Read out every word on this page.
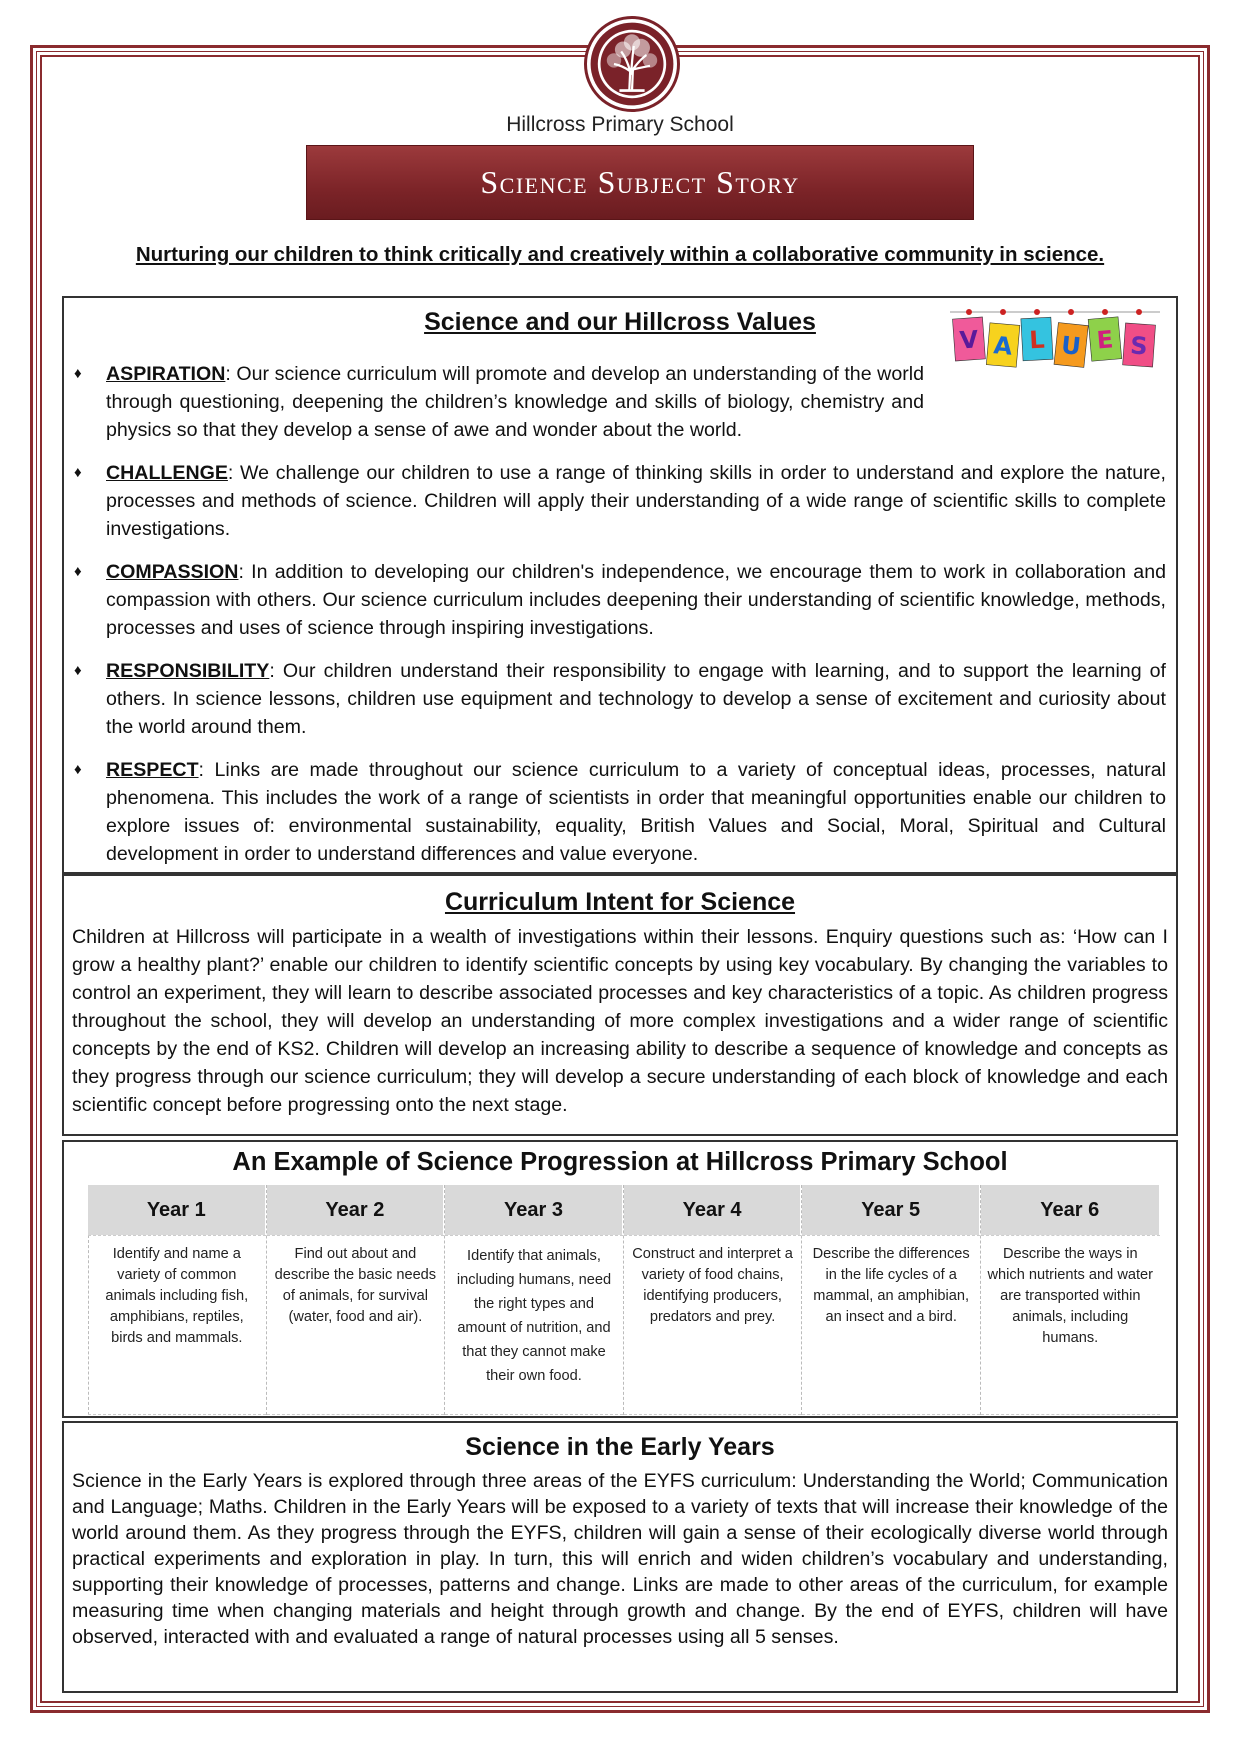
Hillcross Primary School
Science Subject Story
Nurturing our children to think critically and creatively within a collaborative community in science.
Science and our Hillcross Values
V A L U E S
♦ ASPIRATION: Our science curriculum will promote and develop an understanding of the world through questioning, deepening the children’s knowledge and skills of biology, chemistry and physics so that they develop a sense of awe and wonder about the world.
♦ CHALLENGE: We challenge our children to use a range of thinking skills in order to understand and explore the nature, processes and methods of science. Children will apply their understanding of a wide range of scientific skills to complete investigations.
♦ COMPASSION: In addition to developing our children's independence, we encourage them to work in collaboration and compassion with others. Our science curriculum includes deepening their understanding of scientific knowledge, methods, processes and uses of science through inspiring investigations.
♦ RESPONSIBILITY: Our children understand their responsibility to engage with learning, and to support the learning of others. In science lessons, children use equipment and technology to develop a sense of excitement and curiosity about the world around them.
♦ RESPECT: Links are made throughout our science curriculum to a variety of conceptual ideas, processes, natural phenomena. This includes the work of a range of scientists in order that meaningful opportunities enable our children to explore issues of: environmental sustainability, equality, British Values and Social, Moral, Spiritual and Cultural development in order to understand differences and value everyone.
Curriculum Intent for Science

Children at Hillcross will participate in a wealth of investigations within their lessons. Enquiry questions such as: ‘How can I grow a healthy plant?’ enable our children to identify scientific concepts by using key vocabulary. By changing the variables to control an experiment, they will learn to describe associated processes and key characteristics of a topic. As children progress throughout the school, they will develop an understanding of more complex investigations and a wider range of scientific concepts by the end of KS2. Children will develop an increasing ability to describe a sequence of knowledge and concepts as they progress through our science curriculum; they will develop a secure understanding of each block of knowledge and each scientific concept before progressing onto the next stage.

An Example of Science Progression at Hillcross Primary School
Year 1
Identify and name a variety of common animals including fish, amphibians, reptiles, birds and mammals.
Year 2
Find out about and describe the basic needs of animals, for survival (water, food and air).
Year 3
Identify that animals, including humans, need the right types and amount of nutrition, and that they cannot make their own food.
Year 4
Construct and interpret a variety of food chains, identifying producers, predators and prey.
Year 5
Describe the differences in the life cycles of a mammal, an amphibian, an insect and a bird.
Year 6
Describe the ways in which nutrients and water are transported within animals, including humans.
Science in the Early Years

Science in the Early Years is explored through three areas of the EYFS curriculum: Understanding the World; Communication and Language; Maths. Children in the Early Years will be exposed to a variety of texts that will increase their knowledge of the world around them. As they progress through the EYFS, children will gain a sense of their ecologically diverse world through practical experiments and exploration in play. In turn, this will enrich and widen children’s vocabulary and understanding, supporting their knowledge of processes, patterns and change. Links are made to other areas of the curriculum, for example measuring time when changing materials and height through growth and change. By the end of EYFS, children will have observed, interacted with and evaluated a range of natural processes using all 5 senses.
